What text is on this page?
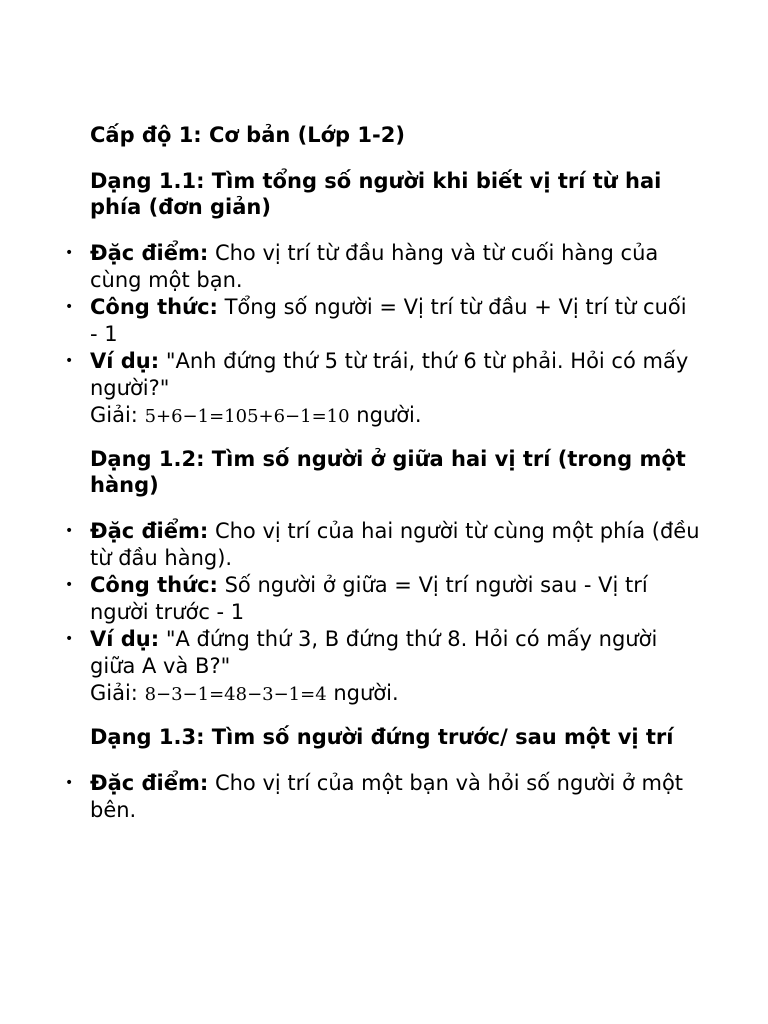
Cấp độ 1: Cơ bản (Lớp 1-2)
Dạng 1.1: Tìm tổng số người khi biết vị trí từ hai phía (đơn giản)
• Đặc điểm: Cho vị trí từ đầu hàng và từ cuối hàng của cùng một bạn.
• Công thức: Tổng số người = Vị trí từ đầu + Vị trí từ cuối - 1
• Ví dụ: "Anh đứng thứ 5 từ trái, thứ 6 từ phải. Hỏi có mấy người?"
Giải: 5+6−1=105+6−1=10 người.
Dạng 1.2: Tìm số người ở giữa hai vị trí (trong một hàng)
• Đặc điểm: Cho vị trí của hai người từ cùng một phía (đều từ đầu hàng).
• Công thức: Số người ở giữa = Vị trí người sau - Vị trí người trước - 1
• Ví dụ: "A đứng thứ 3, B đứng thứ 8. Hỏi có mấy người giữa A và B?"
Giải: 8−3−1=48−3−1=4 người.
Dạng 1.3: Tìm số người đứng trước/ sau một vị trí
• Đặc điểm: Cho vị trí của một bạn và hỏi số người ở một bên.
